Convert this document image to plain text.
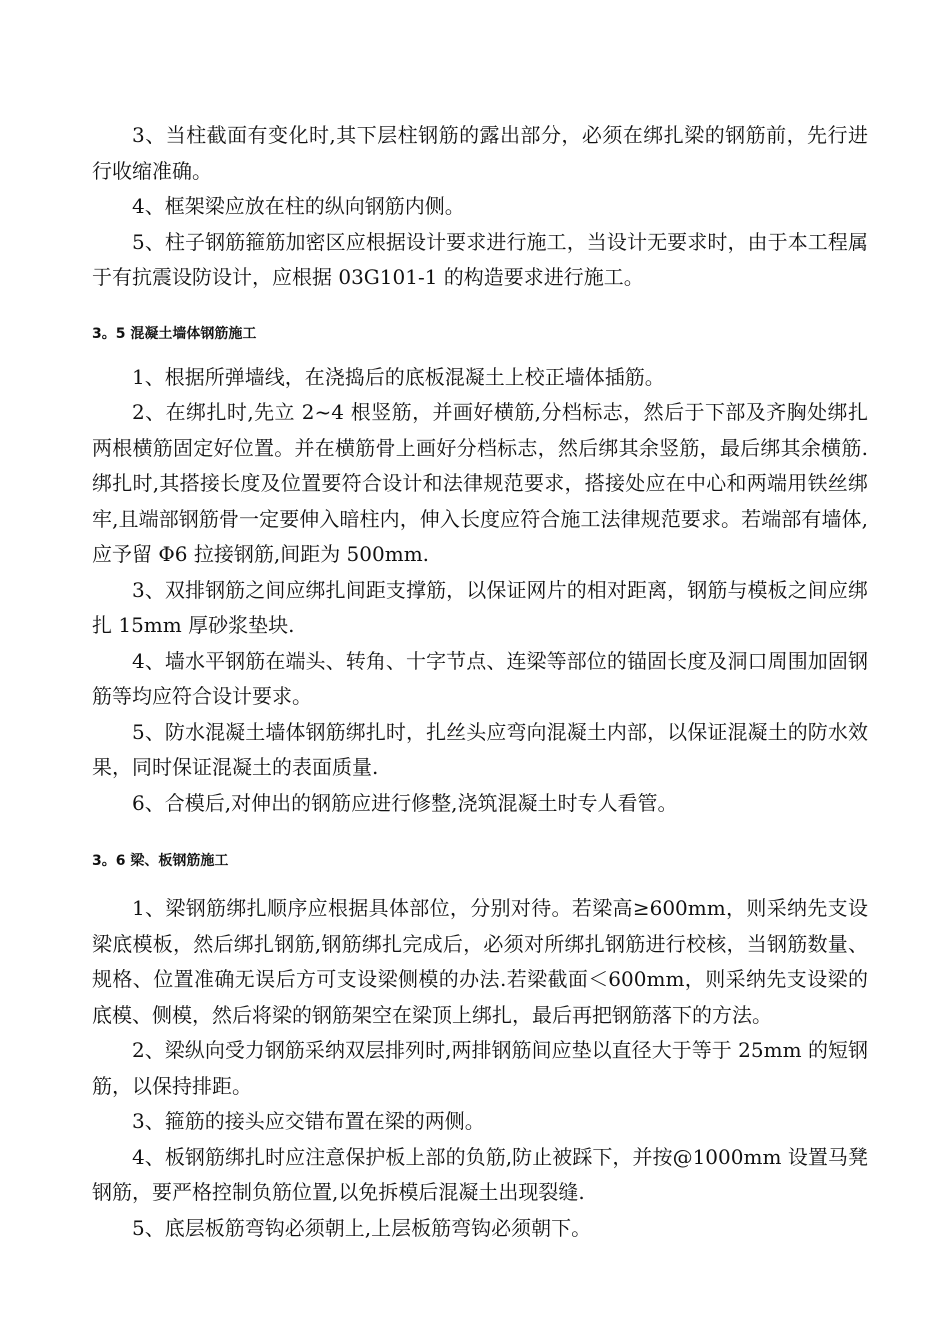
3、当柱截面有变化时,其下层柱钢筋的露出部分，必须在绑扎梁的钢筋前，先行进行收缩准确。

4、框架梁应放在柱的纵向钢筋内侧。

5、柱子钢筋箍筋加密区应根据设计要求进行施工，当设计无要求时，由于本工程属于有抗震设防设计，应根据 03G101-1 的构造要求进行施工。

3。5 混凝土墙体钢筋施工

1、根据所弹墙线，在浇捣后的底板混凝土上校正墙体插筋。

2、在绑扎时,先立 2~4 根竖筋，并画好横筋,分档标志，然后于下部及齐胸处绑扎两根横筋固定好位置。并在横筋骨上画好分档标志，然后绑其余竖筋，最后绑其余横筋.绑扎时,其搭接长度及位置要符合设计和法律规范要求，搭接处应在中心和两端用铁丝绑牢,且端部钢筋骨一定要伸入暗柱内，伸入长度应符合施工法律规范要求。若端部有墙体,应予留 Φ6 拉接钢筋,间距为 500mm.

3、双排钢筋之间应绑扎间距支撑筋，以保证网片的相对距离，钢筋与模板之间应绑扎 15mm 厚砂浆垫块.

4、墙水平钢筋在端头、转角、十字节点、连梁等部位的锚固长度及洞口周围加固钢筋等均应符合设计要求。

5、防水混凝土墙体钢筋绑扎时，扎丝头应弯向混凝土内部，以保证混凝土的防水效果，同时保证混凝土的表面质量.

6、合模后,对伸出的钢筋应进行修整,浇筑混凝土时专人看管。

3。6 梁、板钢筋施工

1、梁钢筋绑扎顺序应根据具体部位，分别对待。若梁高≥600mm，则采纳先支设梁底模板，然后绑扎钢筋,钢筋绑扎完成后，必须对所绑扎钢筋进行校核，当钢筋数量、规格、位置准确无误后方可支设梁侧模的办法.若梁截面＜600mm，则采纳先支设梁的底模、侧模，然后将梁的钢筋架空在梁顶上绑扎，最后再把钢筋落下的方法。

2、梁纵向受力钢筋采纳双层排列时,两排钢筋间应垫以直径大于等于 25mm 的短钢筋，以保持排距。

3、箍筋的接头应交错布置在梁的两侧。

4、板钢筋绑扎时应注意保护板上部的负筋,防止被踩下，并按@1000mm 设置马凳钢筋，要严格控制负筋位置,以免拆模后混凝土出现裂缝.

5、底层板筋弯钩必须朝上,上层板筋弯钩必须朝下。
